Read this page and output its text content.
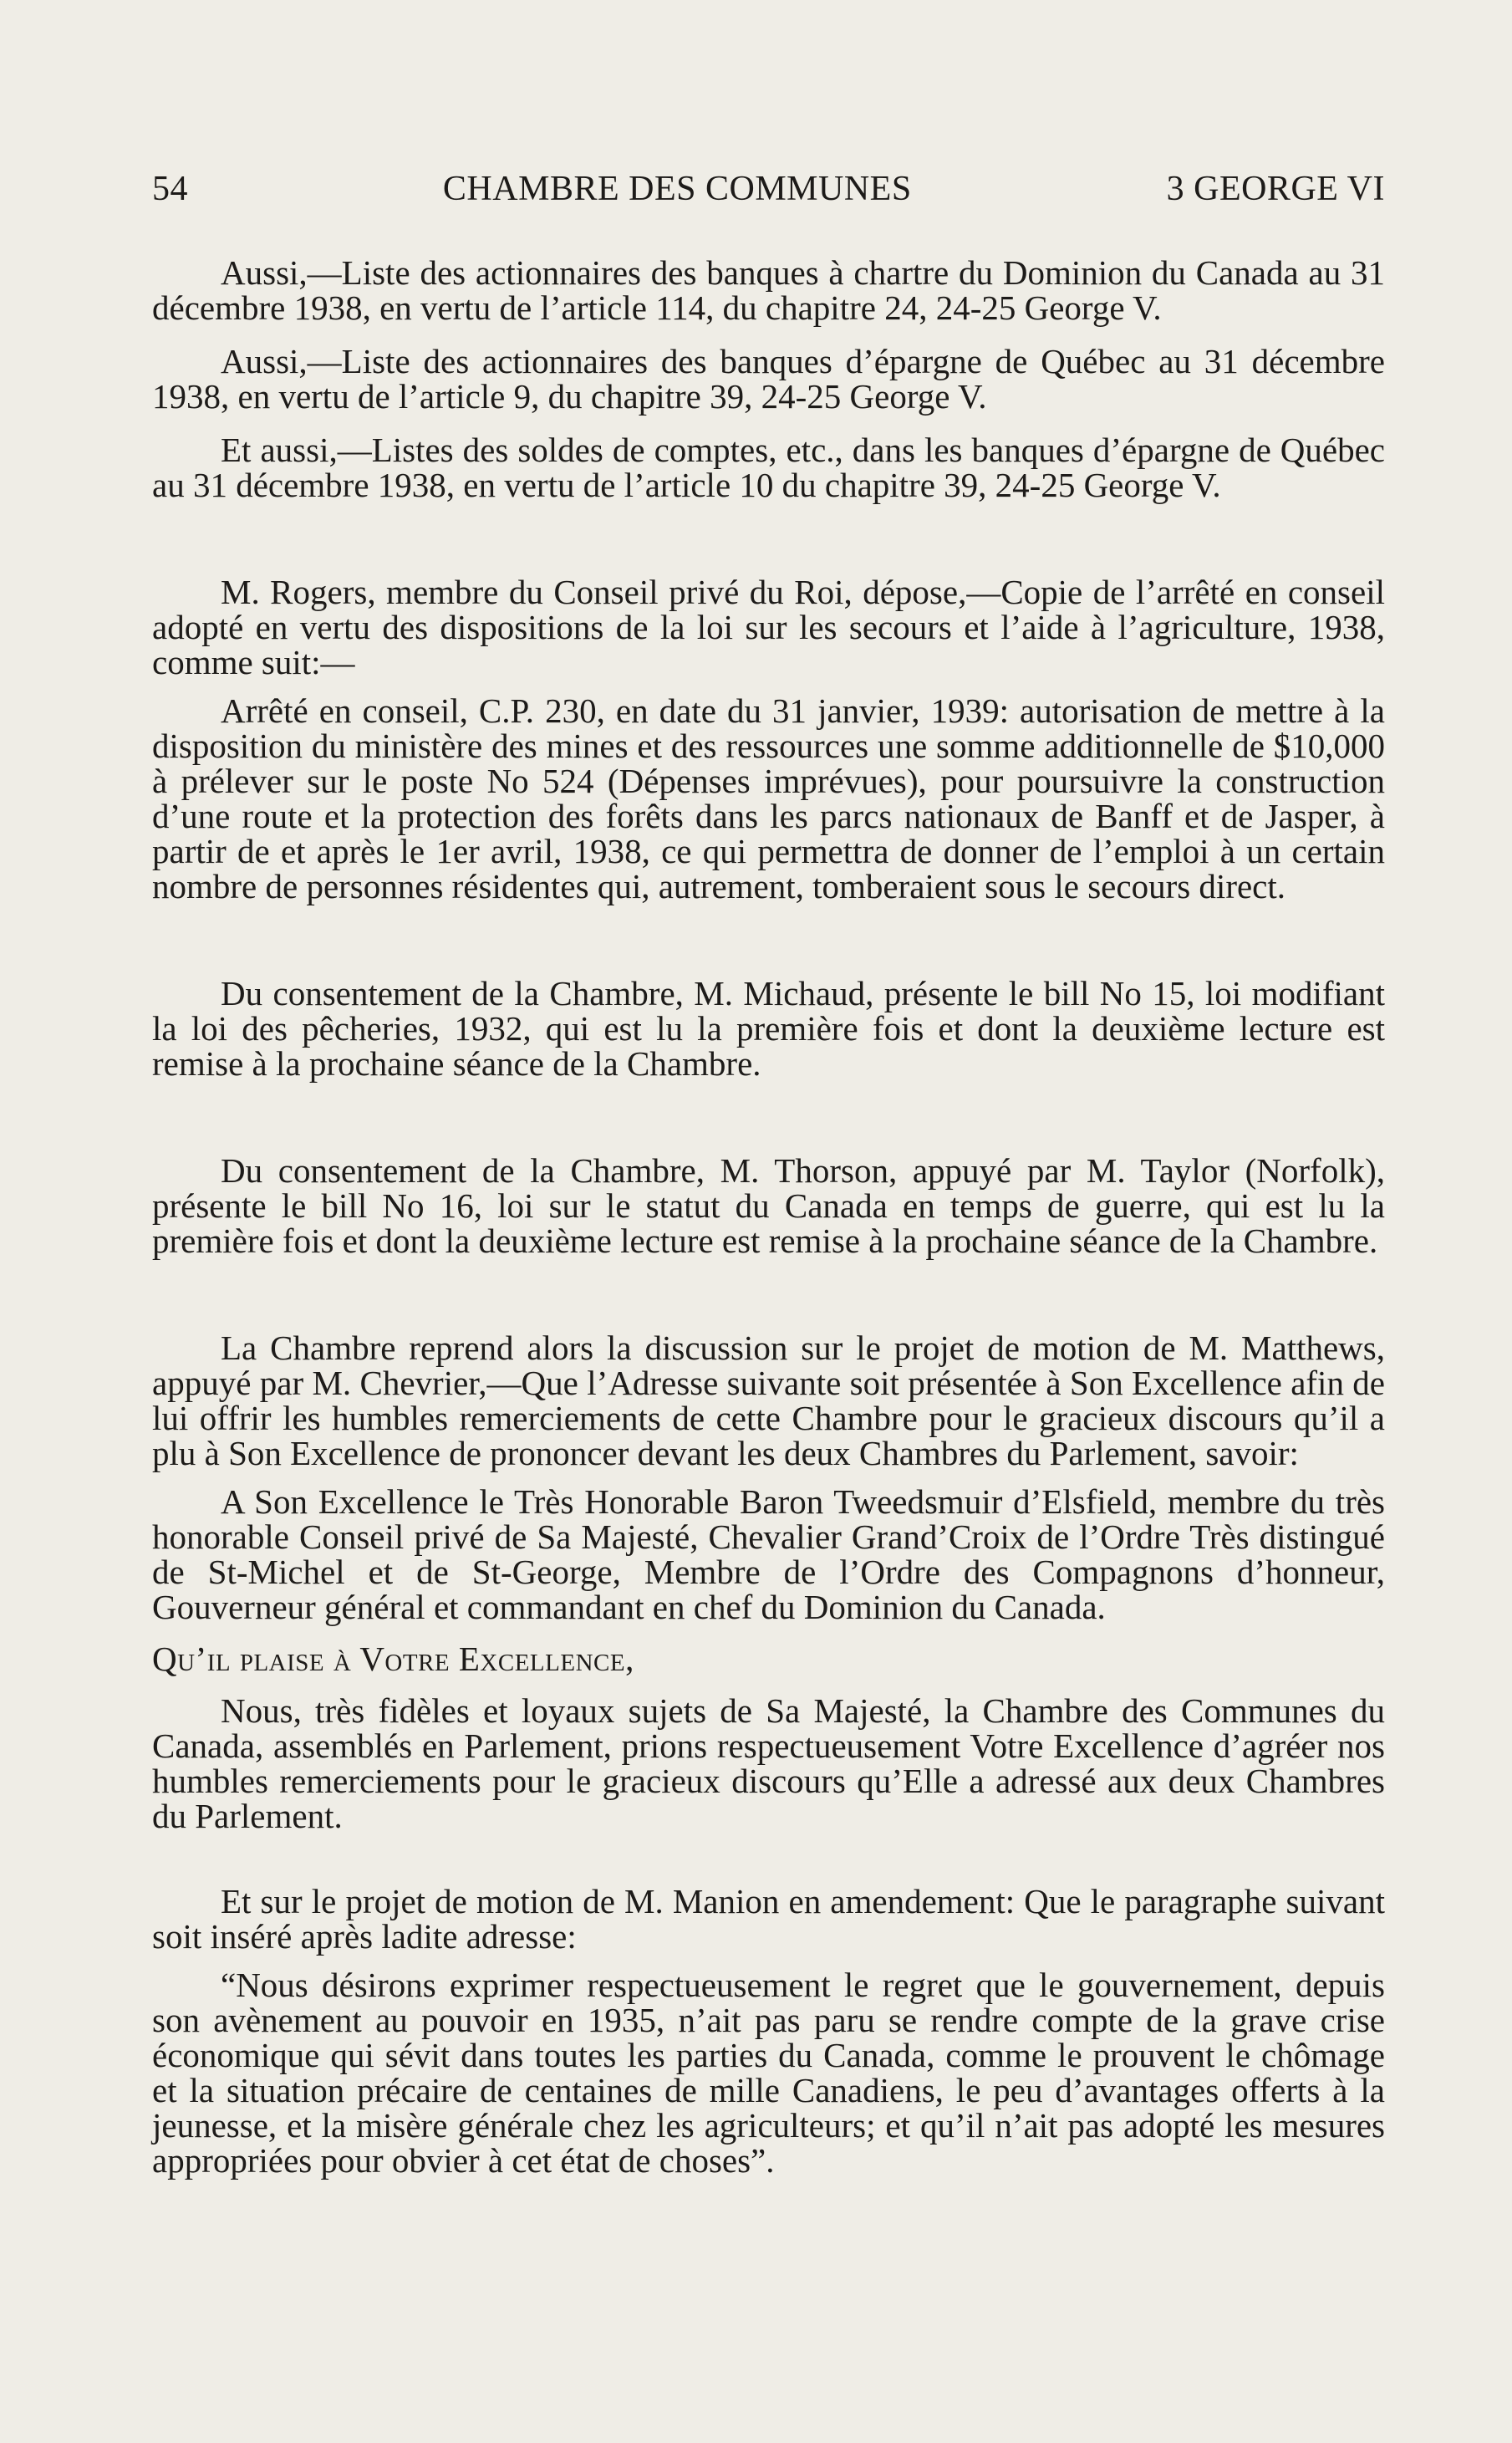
54	CHAMBRE DES COMMUNES	3 GEORGE VI

Aussi,—Liste des actionnaires des banques à chartre du Dominion du Canada au 31 décembre 1938, en vertu de l’article 114, du chapitre 24, 24-25 George V.

Aussi,—Liste des actionnaires des banques d’épargne de Québec au 31 décembre 1938, en vertu de l’article 9, du chapitre 39, 24-25 George V.

Et aussi,—Listes des soldes de comptes, etc., dans les banques d’épargne de Québec au 31 décembre 1938, en vertu de l’article 10 du chapitre 39, 24-25 George V.

M. Rogers, membre du Conseil privé du Roi, dépose,—Copie de l’arrêté en conseil adopté en vertu des dispositions de la loi sur les secours et l’aide à l’agriculture, 1938, comme suit:—

Arrêté en conseil, C.P. 230, en date du 31 janvier, 1939: autorisation de mettre à la disposition du ministère des mines et des ressources une somme additionnelle de $10,000 à prélever sur le poste No 524 (Dépenses imprévues), pour poursuivre la construction d’une route et la protection des forêts dans les parcs nationaux de Banff et de Jasper, à partir de et après le 1er avril, 1938, ce qui permettra de donner de l’emploi à un certain nombre de personnes résidentes qui, autrement, tomberaient sous le secours direct.

Du consentement de la Chambre, M. Michaud, présente le bill No 15, loi modifiant la loi des pêcheries, 1932, qui est lu la première fois et dont la deuxième lecture est remise à la prochaine séance de la Chambre.

Du consentement de la Chambre, M. Thorson, appuyé par M. Taylor (Norfolk), présente le bill No 16, loi sur le statut du Canada en temps de guerre, qui est lu la première fois et dont la deuxième lecture est remise à la prochaine séance de la Chambre.

La Chambre reprend alors la discussion sur le projet de motion de M. Matthews, appuyé par M. Chevrier,—Que l’Adresse suivante soit présentée à Son Excellence afin de lui offrir les humbles remerciements de cette Chambre pour le gracieux discours qu’il a plu à Son Excellence de prononcer devant les deux Chambres du Parlement, savoir:

A Son Excellence le Très Honorable Baron Tweedsmuir d’Elsfield, membre du très honorable Conseil privé de Sa Majesté, Chevalier Grand’Croix de l’Ordre Très distingué de St-Michel et de St-George, Membre de l’Ordre des Compagnons d’honneur, Gouverneur général et commandant en chef du Dominion du Canada.

Qu’il plaise à Votre Excellence,

Nous, très fidèles et loyaux sujets de Sa Majesté, la Chambre des Communes du Canada, assemblés en Parlement, prions respectueusement Votre Excellence d’agréer nos humbles remerciements pour le gracieux discours qu’Elle a adressé aux deux Chambres du Parlement.

Et sur le projet de motion de M. Manion en amendement: Que le paragraphe suivant soit inséré après ladite adresse:

“Nous désirons exprimer respectueusement le regret que le gouvernement, depuis son avènement au pouvoir en 1935, n’ait pas paru se rendre compte de la grave crise économique qui sévit dans toutes les parties du Canada, comme le prouvent le chômage et la situation précaire de centaines de mille Canadiens, le peu d’avantages offerts à la jeunesse, et la misère générale chez les agriculteurs; et qu’il n’ait pas adopté les mesures appropriées pour obvier à cet état de choses”.
